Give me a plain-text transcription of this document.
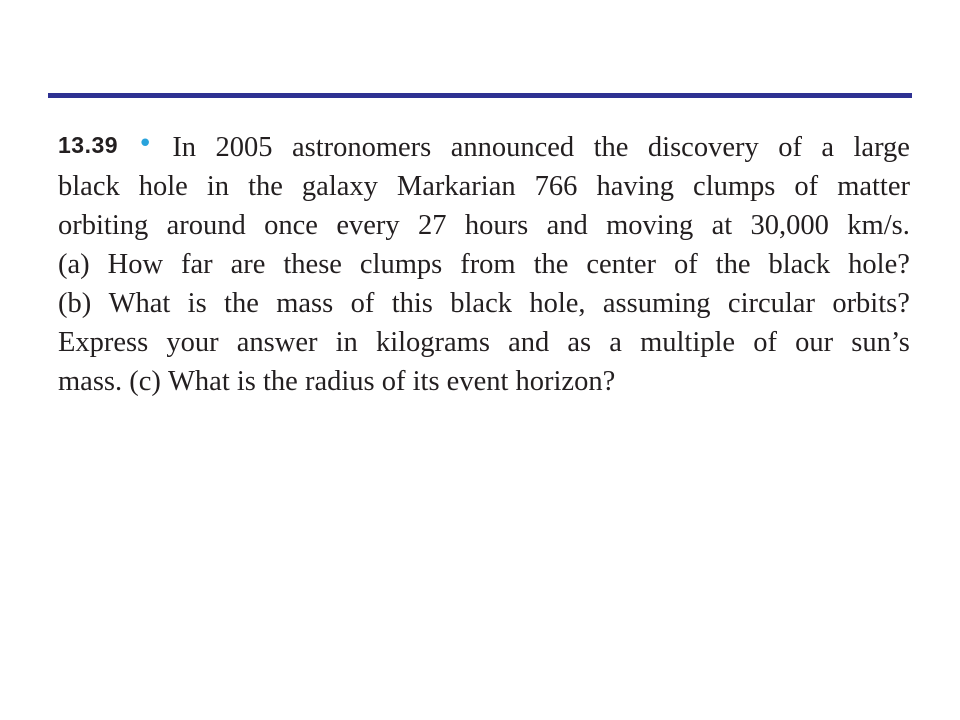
13.39 • In 2005 astronomers announced the discovery of a large
black hole in the galaxy Markarian 766 having clumps of matter
orbiting around once every 27 hours and moving at 30,000 km/s.
(a) How far are these clumps from the center of the black hole?
(b) What is the mass of this black hole, assuming circular orbits?
Express your answer in kilograms and as a multiple of our sun’s
mass. (c) What is the radius of its event horizon?
